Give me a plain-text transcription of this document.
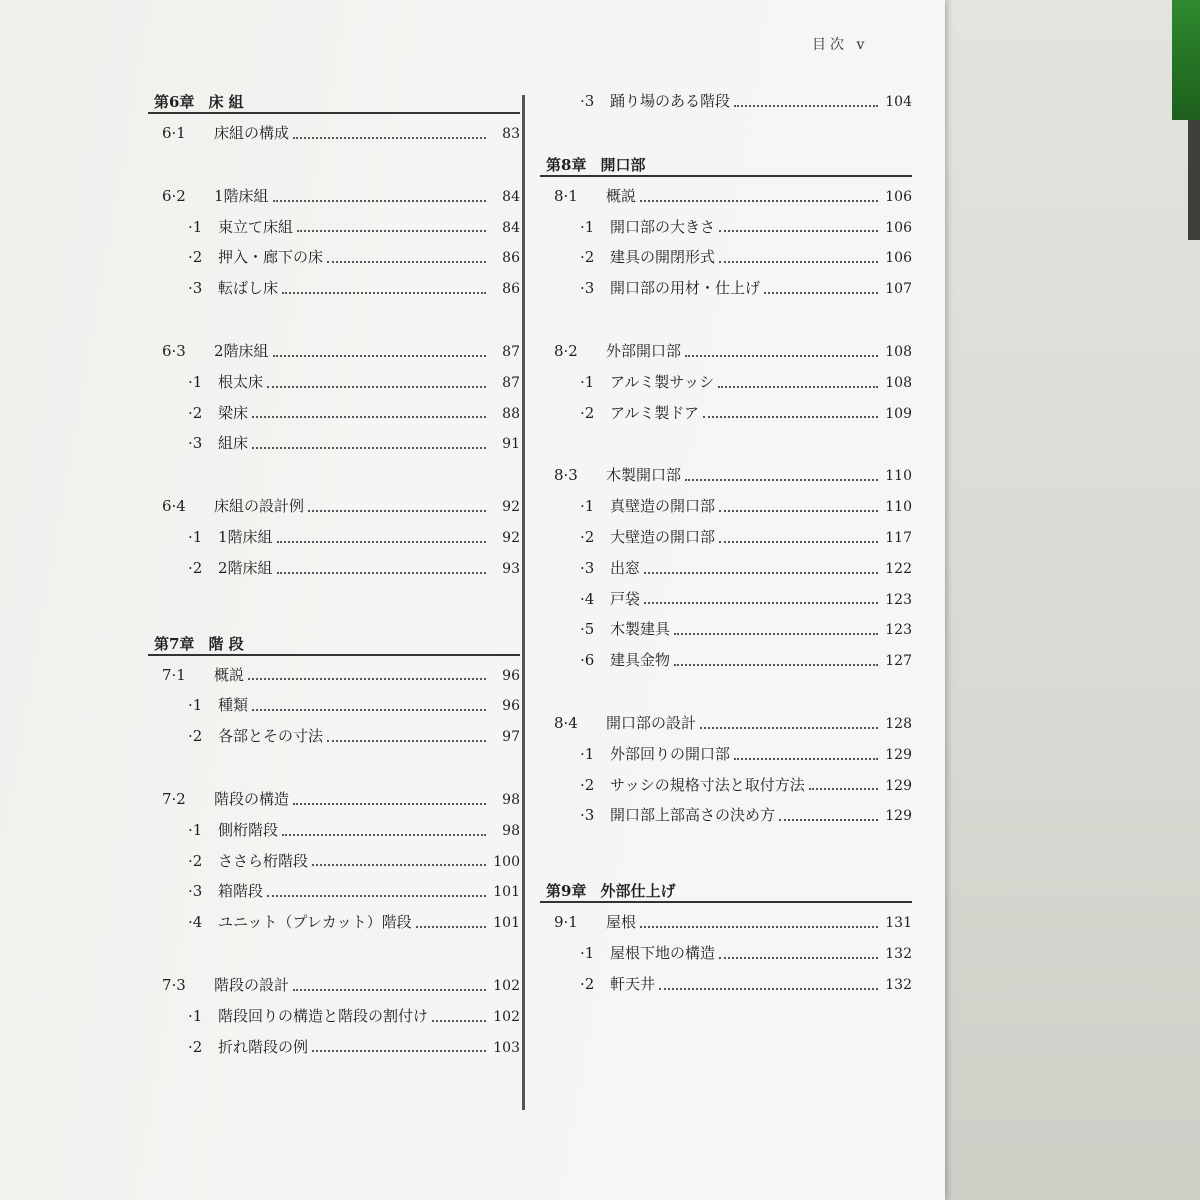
目次 v
第6章 床 組
6·1	床組の構成	83
6·2	1階床組	84
·1	束立て床組	84
·2	押入・廊下の床	86
·3	転ばし床	86
6·3	2階床組	87
·1	根太床	87
·2	梁床	88
·3	組床	91
6·4	床組の設計例	92
·1	1階床組	92
·2	2階床組	93
第7章 階 段
7·1	概説	96
·1	種類	96
·2	各部とその寸法	97
7·2	階段の構造	98
·1	側桁階段	98
·2	ささら桁階段	100
·3	箱階段	101
·4	ユニット（プレカット）階段	101
7·3	階段の設計	102
·1	階段回りの構造と階段の割付け	102
·2	折れ階段の例	103
·3	踊り場のある階段	104
第8章 開口部
8·1	概説	106
·1	開口部の大きさ	106
·2	建具の開閉形式	106
·3	開口部の用材・仕上げ	107
8·2	外部開口部	108
·1	アルミ製サッシ	108
·2	アルミ製ドア	109
8·3	木製開口部	110
·1	真壁造の開口部	110
·2	大壁造の開口部	117
·3	出窓	122
·4	戸袋	123
·5	木製建具	123
·6	建具金物	127
8·4	開口部の設計	128
·1	外部回りの開口部	129
·2	サッシの規格寸法と取付方法	129
·3	開口部上部高さの決め方	129
第9章 外部仕上げ
9·1	屋根	131
·1	屋根下地の構造	132
·2	軒天井	132
